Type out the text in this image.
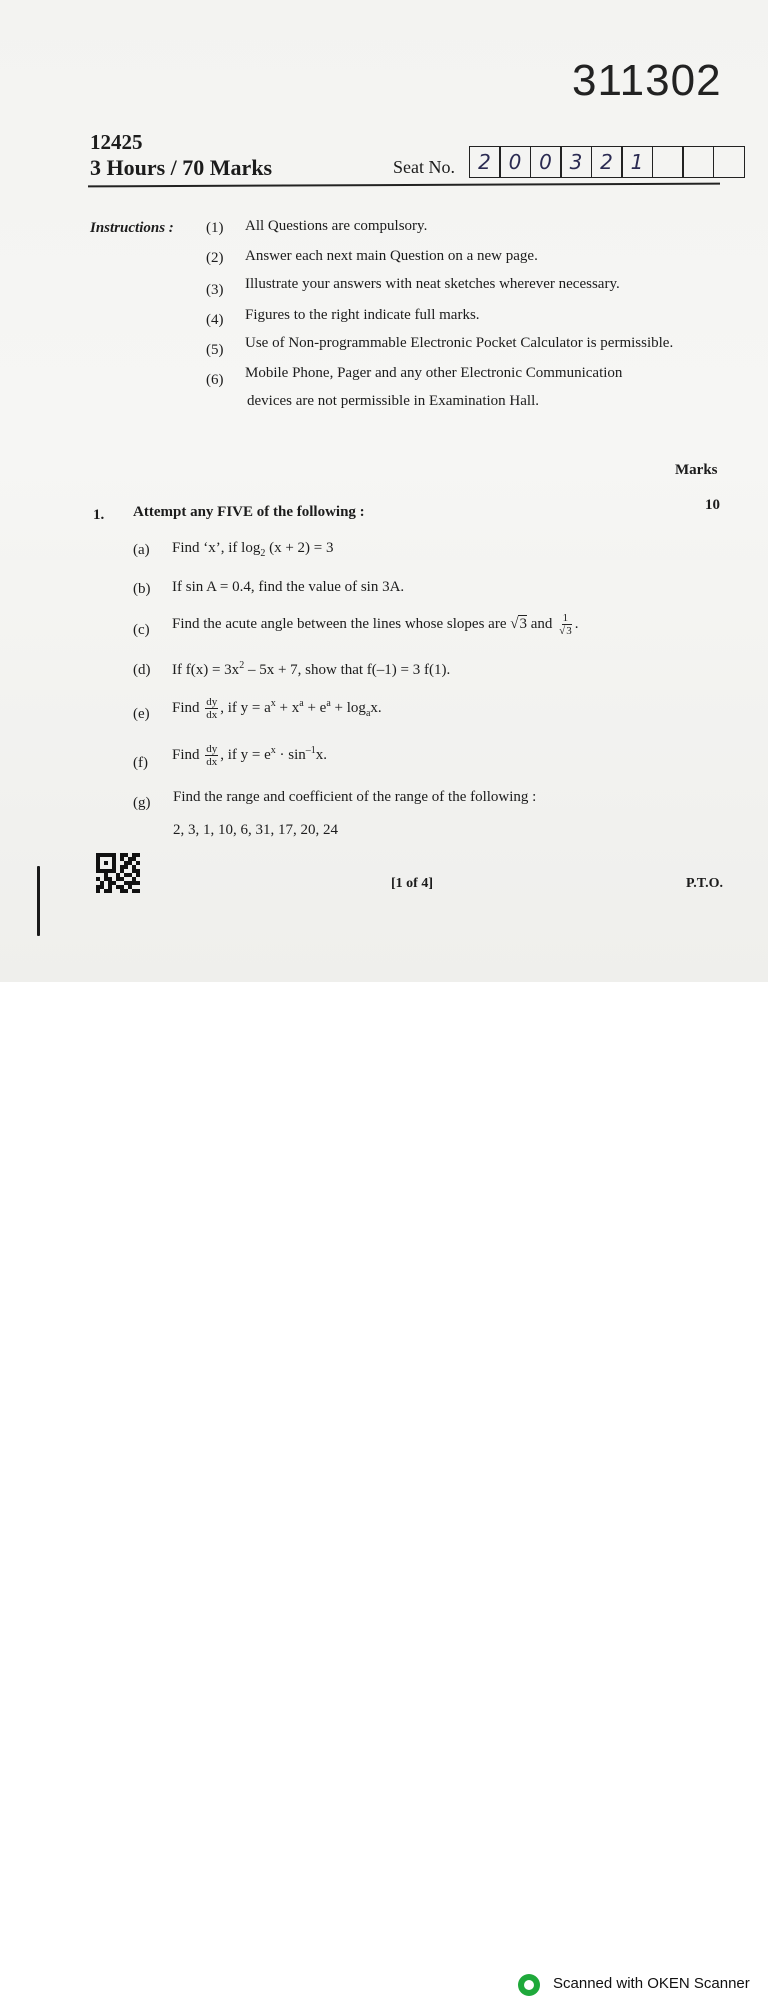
311302
12425
3 Hours / 70 Marks	Seat No.	2 0 0 3 2 1
Instructions : (1) All Questions are compulsory.
(2) Answer each next main Question on a new page.
(3) Illustrate your answers with neat sketches wherever necessary.
(4) Figures to the right indicate full marks.
(5) Use of Non-programmable Electronic Pocket Calculator is permissible.
(6) Mobile Phone, Pager and any other Electronic Communication
devices are not permissible in Examination Hall.
Marks
1. Attempt any FIVE of the following :	10
(a) Find ‘x’, if $\log_2 (x + 2) = 3$
(b) If sin A = 0.4, find the value of sin 3A.
(c) Find the acute angle between the lines whose slopes are √3 and $\frac{1}{√3}$ .
(d) If $f(x) = 3x^2 - 5x + 7$, show that f(–1) = 3 f(1).
(e) Find $\frac{dy}{dx}$ , if $y = a^x + x^a + e^a + \log_ax$.
(f) Find $\frac{dy}{dx}$ , if $y = e^x \cdot \sin^{-1}x$.
(g) Find the range and coefficient of the range of the following :
2, 3, 1, 10, 6, 31, 17, 20, 24
[1 of 4]	P.T.O.
Scanned with OKEN Scanner
